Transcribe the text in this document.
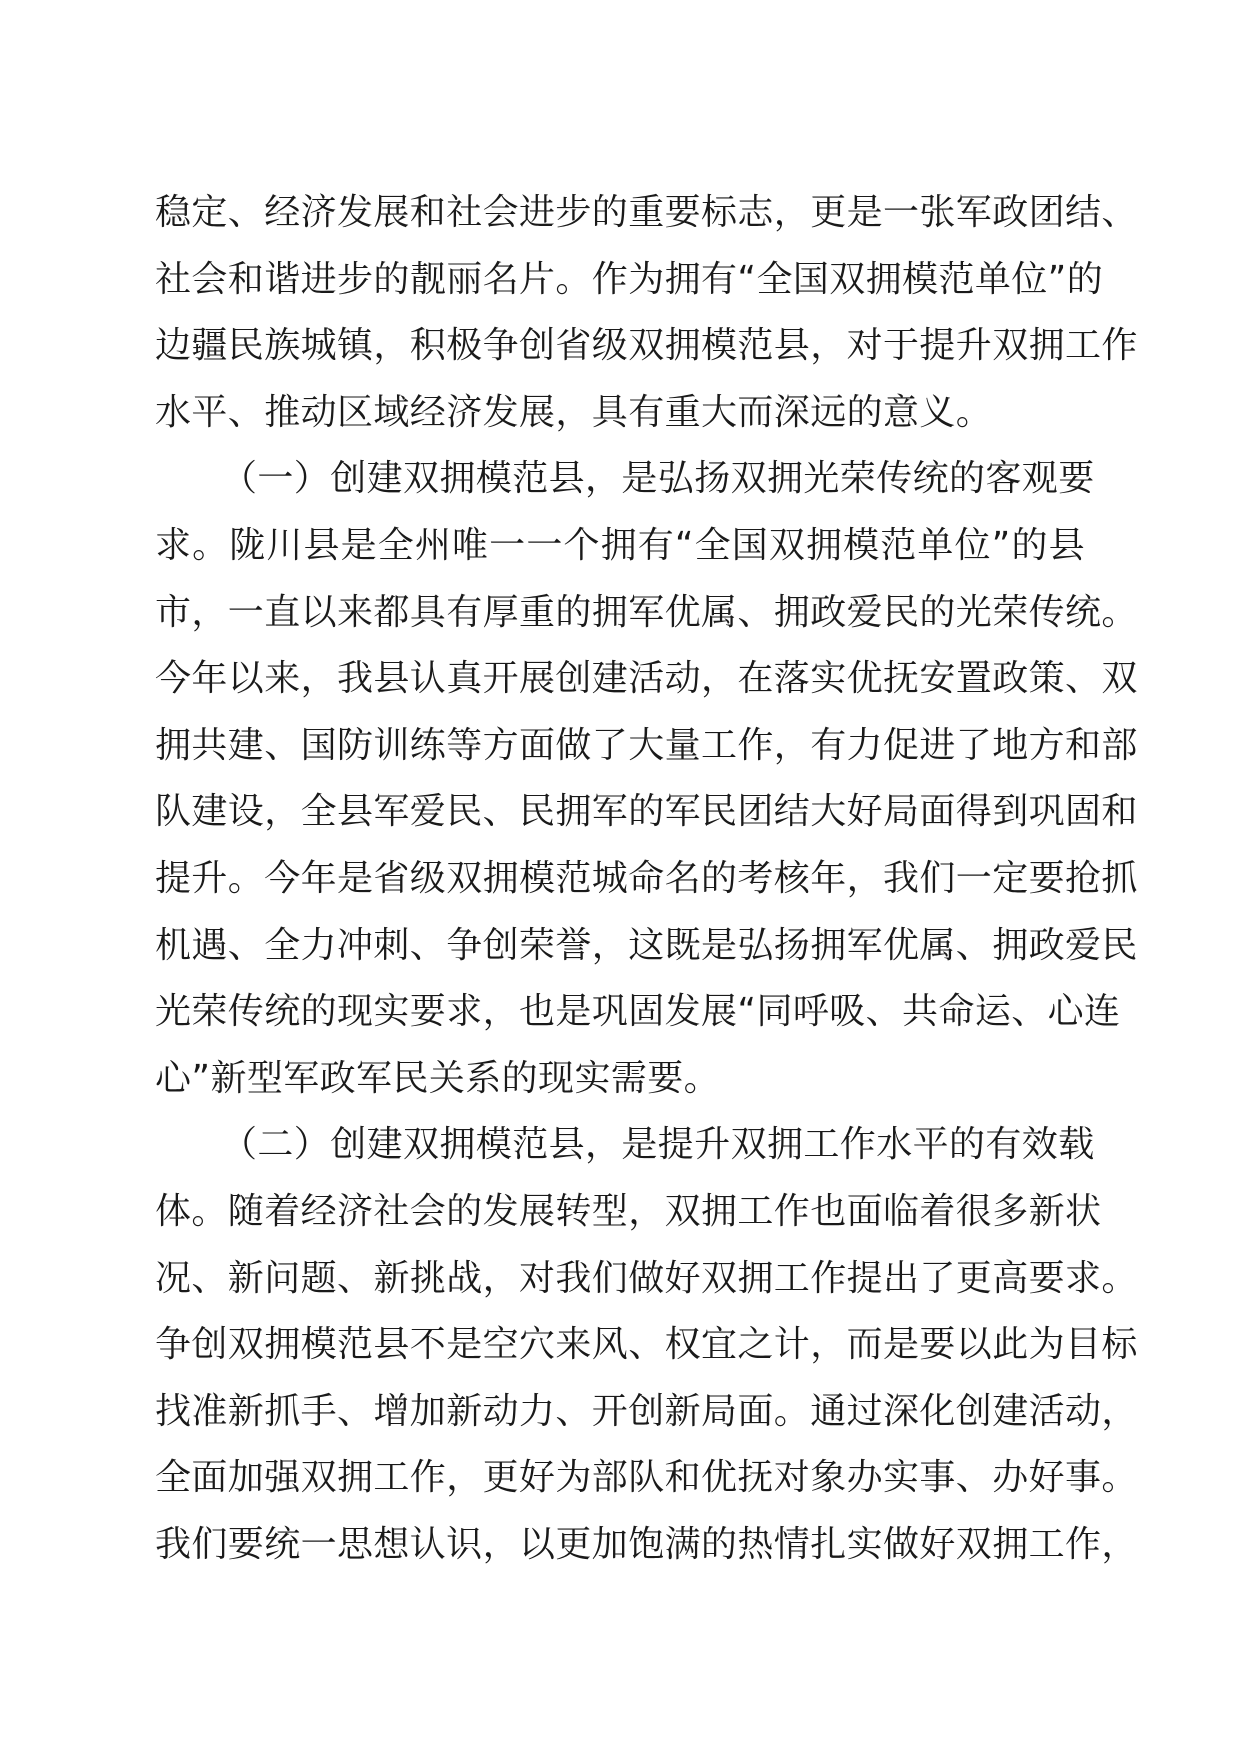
稳定、经济发展和社会进步的重要标志，更是一张军政团结、
社会和谐进步的靓丽名片。作为拥有“全国双拥模范单位”的
边疆民族城镇，积极争创省级双拥模范县，对于提升双拥工作
水平、推动区域经济发展，具有重大而深远的意义。
（一）创建双拥模范县，是弘扬双拥光荣传统的客观要
求。陇川县是全州唯一一个拥有“全国双拥模范单位”的县
市，一直以来都具有厚重的拥军优属、拥政爱民的光荣传统。
今年以来，我县认真开展创建活动，在落实优抚安置政策、双
拥共建、国防训练等方面做了大量工作，有力促进了地方和部
队建设，全县军爱民、民拥军的军民团结大好局面得到巩固和
提升。今年是省级双拥模范城命名的考核年，我们一定要抢抓
机遇、全力冲刺、争创荣誉，这既是弘扬拥军优属、拥政爱民
光荣传统的现实要求，也是巩固发展“同呼吸、共命运、心连
心”新型军政军民关系的现实需要。
（二）创建双拥模范县，是提升双拥工作水平的有效载
体。随着经济社会的发展转型，双拥工作也面临着很多新状
况、新问题、新挑战，对我们做好双拥工作提出了更高要求。
争创双拥模范县不是空穴来风、权宜之计，而是要以此为目标
找准新抓手、增加新动力、开创新局面。通过深化创建活动，
全面加强双拥工作，更好为部队和优抚对象办实事、办好事。
我们要统一思想认识，以更加饱满的热情扎实做好双拥工作，
